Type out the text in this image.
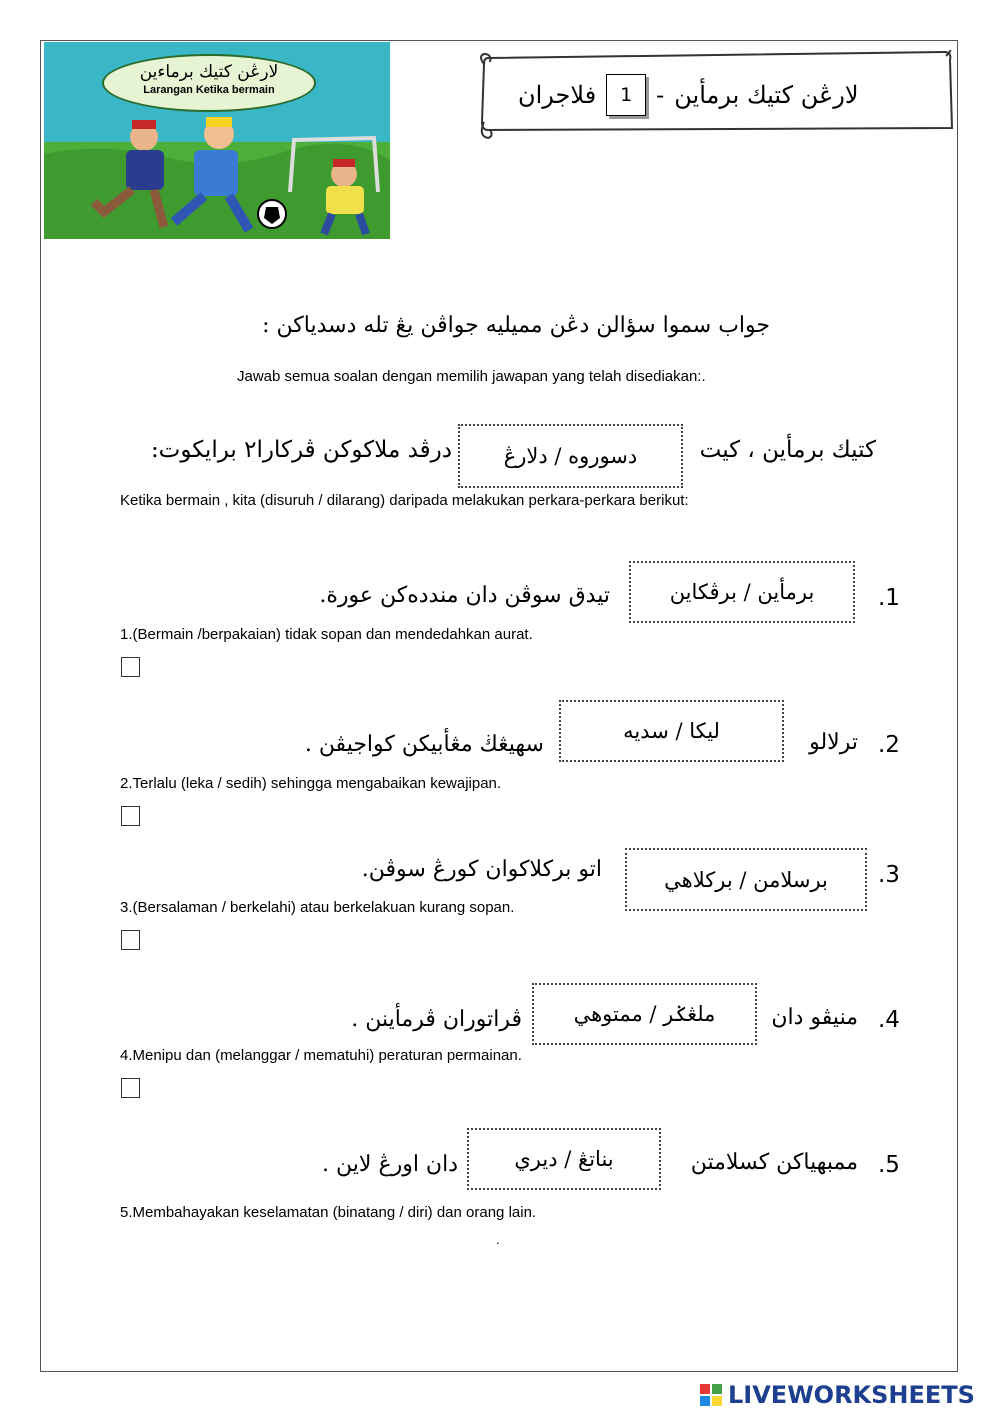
لارڠن كتيك برماءين
Larangan Ketika bermain	فلاجران	1 - لارڠن كتيك برمأين
جواب سموا سؤالن دڠن مميليه جواڤن يڠ تله دسدياكن :
Jawab semua soalan dengan memilih jawapan yang telah disediakan:.
كتيك برمأين ، كيت
دسوروه / دلارڠ
درڤد ملاكوكن ڤركارا٢ برايكوت:
Ketika bermain , kita (disuruh / dilarang) daripada melakukan perkara-perkara berikut:
.1
برمأين / برڤكاين
تيدق سوڤن دان مندده‌كن عورة.
1.(Bermain /berpakaian) tidak sopan dan mendedahkan aurat.
.2
ترلالو
ليكا / سديه
سهيڠڬ مڠأبيكن كواجيڤن .
2.Terlalu (leka / sedih) sehingga mengabaikan kewajipan.
.3
برسلامن / بركلاهي
اتو بركلاكوان كورڠ سوڤن.
3.(Bersalaman / berkelahi) atau berkelakuan kurang sopan.
.4
منيڤو دان
ملڠݢر / ممتوهي
ڤراتوران ڤرمأينن .
4.Menipu dan (melanggar / mematuhi) peraturan permainan.
.5
ممبهياكن كسلامتن
بناتڠ / ديري
دان اورڠ لاين .
5.Membahayakan keselamatan (binatang / diri) dan orang lain.
.
LIVEWORKSHEETS
